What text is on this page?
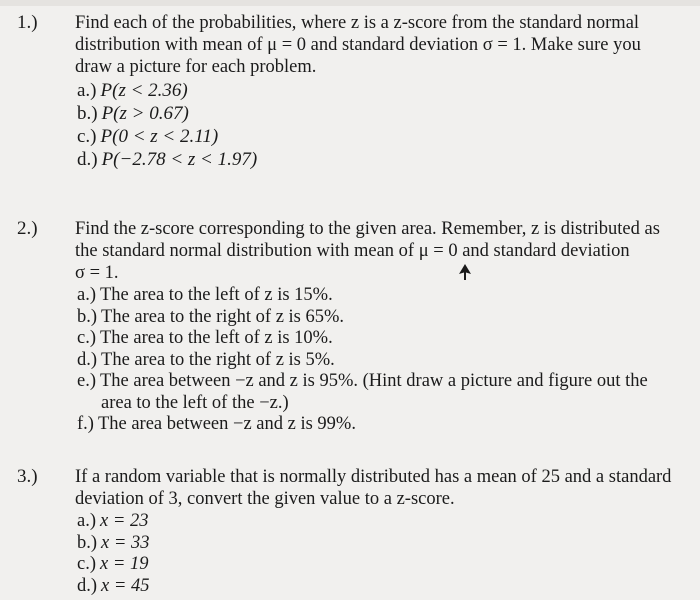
1.) Find each of the probabilities, where z is a z-score from the standard normal
distribution with mean of μ = 0 and standard deviation σ = 1. Make sure you
draw a picture for each problem.
a.) P(z < 2.36)
b.) P(z > 0.67)
c.) P(0 < z < 2.11)
d.) P(−2.78 < z < 1.97)
2.) Find the z-score corresponding to the given area. Remember, z is distributed as
the standard normal distribution with mean of μ = 0 and standard deviation
σ = 1.
a.) The area to the left of z is 15%.
b.) The area to the right of z is 65%.
c.) The area to the left of z is 10%.
d.) The area to the right of z is 5%.
e.) The area between −z and z is 95%. (Hint draw a picture and figure out the
area to the left of the −z.)
f.) The area between −z and z is 99%.
3.) If a random variable that is normally distributed has a mean of 25 and a standard
deviation of 3, convert the given value to a z-score.
a.) x = 23
b.) x = 33
c.) x = 19
d.) x = 45
